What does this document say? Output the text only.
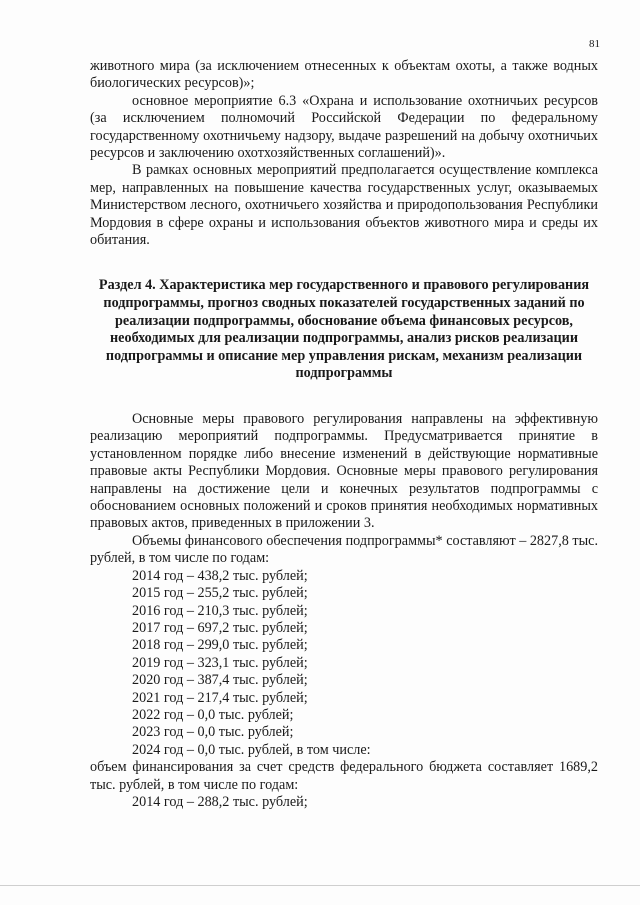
81

животного мира (за исключением отнесенных к объектам охоты, а также водных биологических ресурсов)»;

основное мероприятие 6.3 «Охрана и использование охотничьих ресурсов (за исключением полномочий Российской Федерации по федеральному государственному охотничьему надзору, выдаче разрешений на добычу охотничьих ресурсов и заключению охотхозяйственных соглашений)».

В рамках основных мероприятий предполагается осуществление комплекса мер, направленных на повышение качества государственных услуг, оказываемых Министерством лесного, охотничьего хозяйства и природопользования Республики Мордовия в сфере охраны и использования объектов животного мира и среды их обитания.

Раздел 4. Характеристика мер государственного и правового регулирования подпрограммы, прогноз сводных показателей государственных заданий по реализации подпрограммы, обоснование объема финансовых ресурсов, необходимых для реализации подпрограммы, анализ рисков реализации подпрограммы и описание мер управления рискам, механизм реализации подпрограммы

Основные меры правового регулирования направлены на эффективную реализацию мероприятий подпрограммы. Предусматривается принятие в установленном порядке либо внесение изменений в действующие нормативные правовые акты Республики Мордовия. Основные меры правового регулирования направлены на достижение цели и конечных результатов подпрограммы с обоснованием основных положений и сроков принятия необходимых нормативных правовых актов, приведенных в приложении 3.

Объемы финансового обеспечения подпрограммы* составляют – 2827,8 тыс. рублей, в том числе по годам:

2014 год – 438,2 тыс. рублей;

2015 год – 255,2 тыс. рублей;

2016 год – 210,3 тыс. рублей;

2017 год – 697,2 тыс. рублей;

2018 год – 299,0 тыс. рублей;

2019 год – 323,1 тыс. рублей;

2020 год – 387,4 тыс. рублей;

2021 год – 217,4 тыс. рублей;

2022 год – 0,0 тыс. рублей;

2023 год – 0,0 тыс. рублей;

2024 год – 0,0 тыс. рублей, в том числе:

объем финансирования за счет средств федерального бюджета составляет 1689,2 тыс. рублей, в том числе по годам:

2014 год – 288,2 тыс. рублей;
